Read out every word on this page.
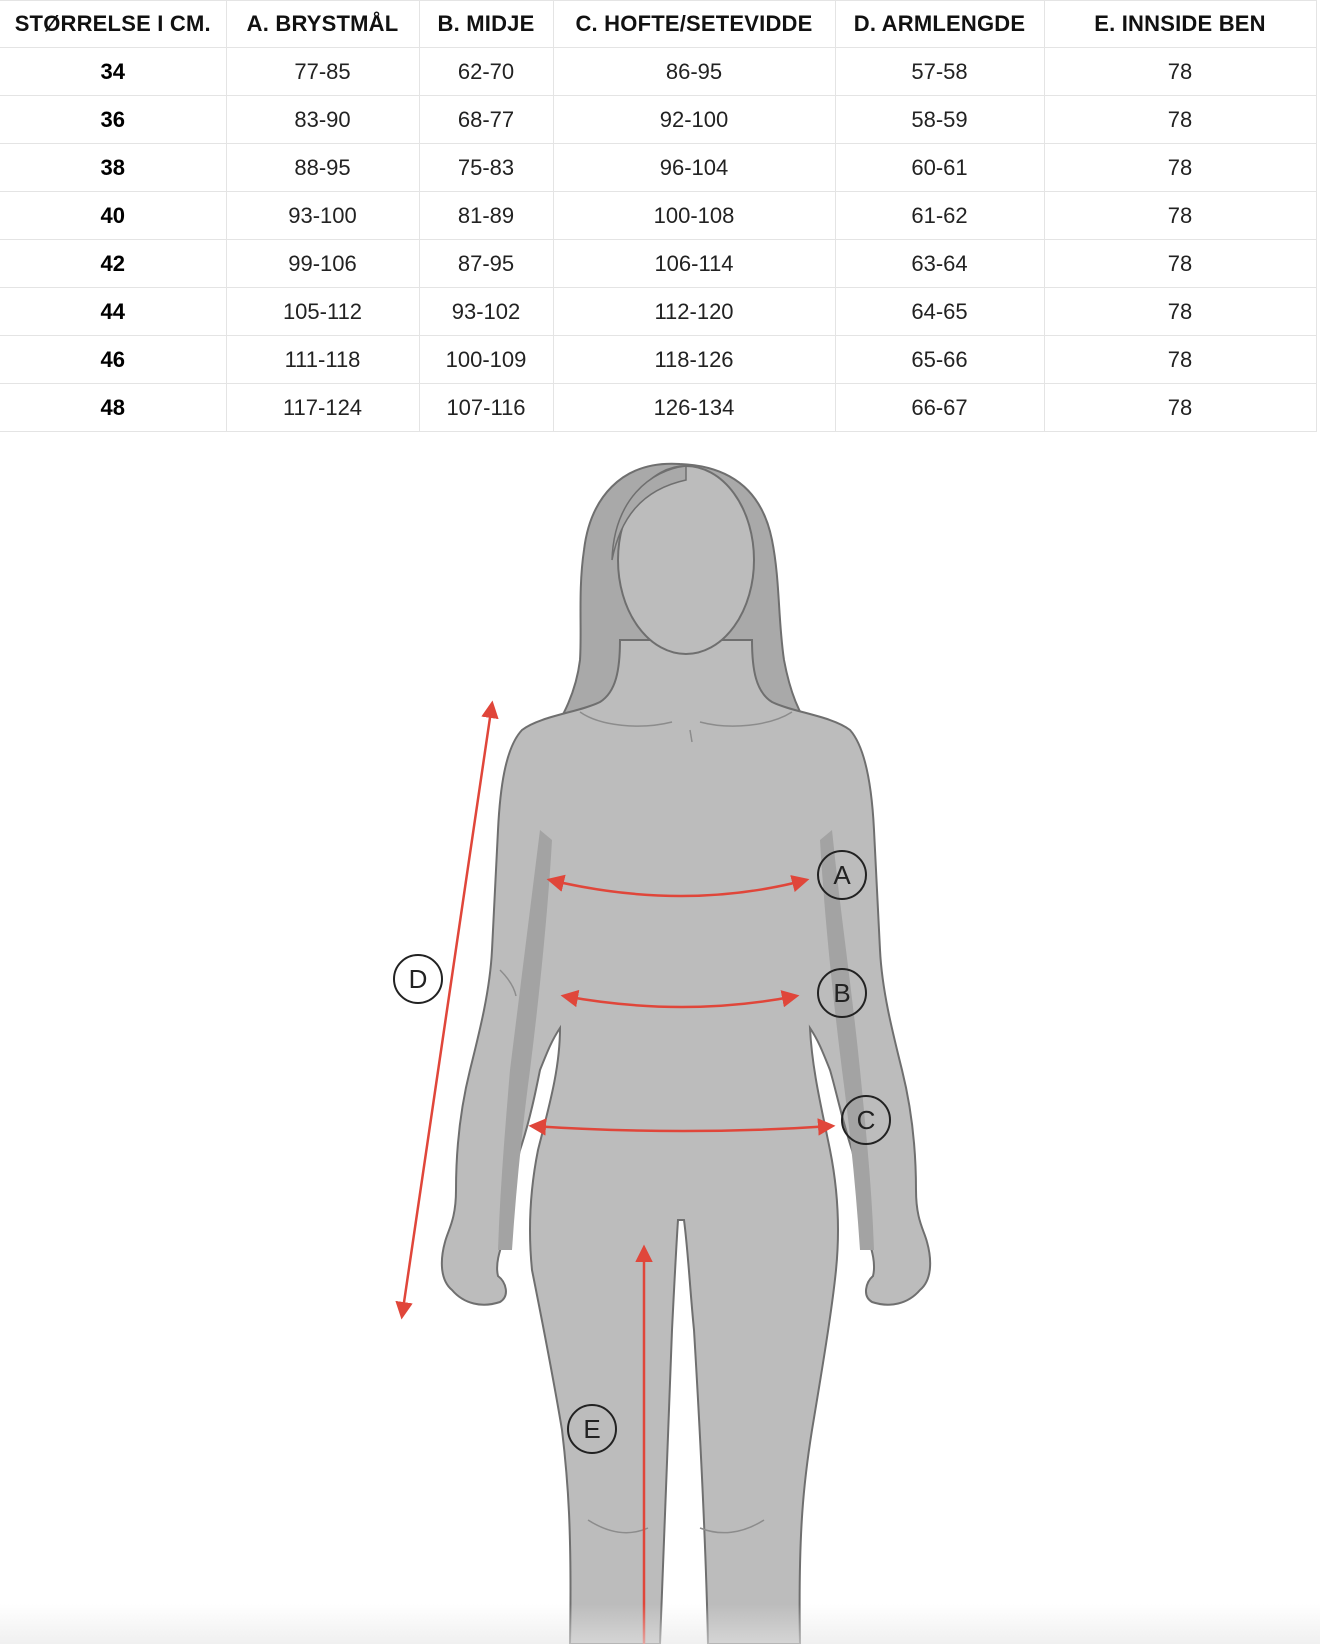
STØRRELSE I CM.	A. BRYSTMÅL	B. MIDJE	C. HOFTE/SETEVIDDE	D. ARMLENGDE	E. INNSIDE BEN
34	77-85	62-70	86-95	57-58	78
36	83-90	68-77	92-100	58-59	78
38	88-95	75-83	96-104	60-61	78
40	93-100	81-89	100-108	61-62	78
42	99-106	87-95	106-114	63-64	78
44	105-112	93-102	112-120	64-65	78
46	111-118	100-109	118-126	65-66	78
48	117-124	107-116	126-134	66-67	78
A
B
C
D
E
